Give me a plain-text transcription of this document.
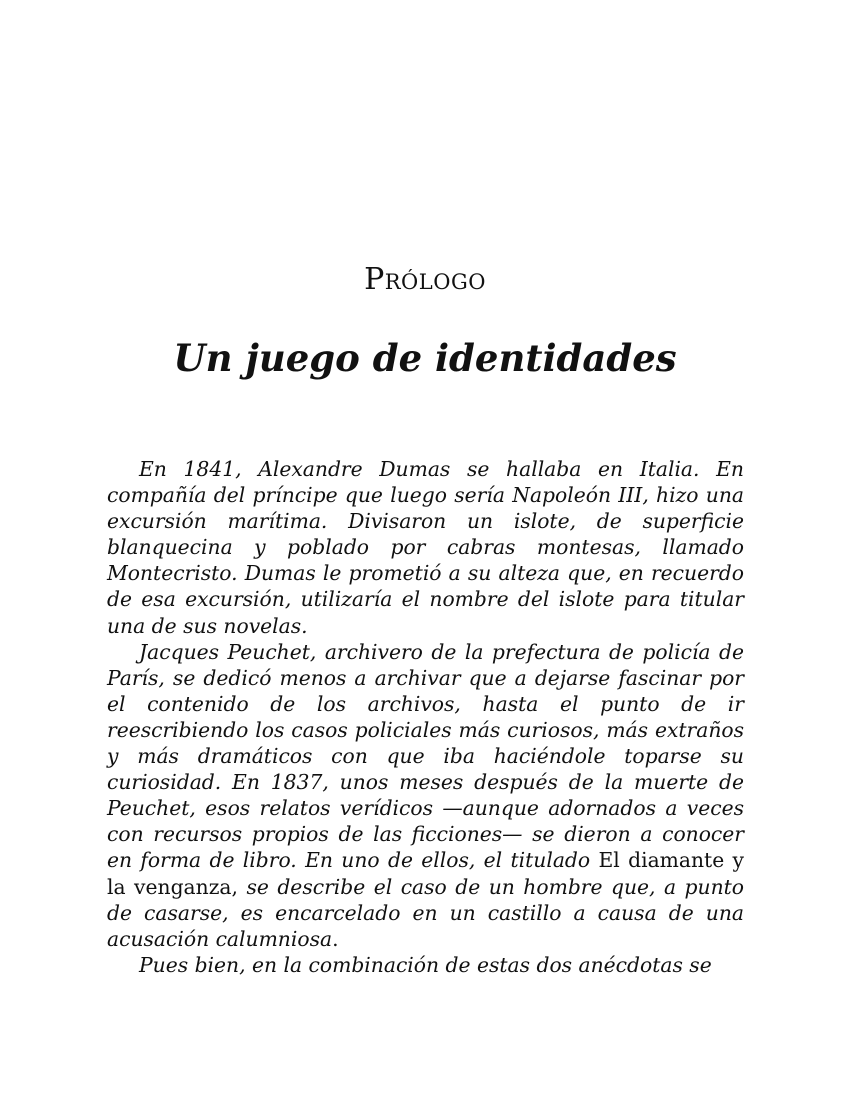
Prólogo
Un juego de identidades

En 1841, Alexandre Dumas se hallaba en Italia. En compañía del príncipe que luego sería Napoleón III, hizo una excursión marítima. Divisaron un islote, de superficie blanquecina y poblado por cabras montesas, llamado Montecristo. Dumas le prometió a su alteza que, en recuerdo de esa excursión, utilizaría el nombre del islote para titular una de sus novelas.

Jacques Peuchet, archivero de la prefectura de policía de París, se dedicó menos a archivar que a dejarse fascinar por el contenido de los archivos, hasta el punto de ir reescribiendo los casos policiales más curiosos, más extraños y más dramáticos con que iba haciéndole toparse su curiosidad. En 1837, unos meses después de la muerte de Peuchet, esos relatos verídicos —aunque adornados a veces con recursos propios de las ficciones— se dieron a conocer en forma de libro. En uno de ellos, el titulado El diamante y la venganza, se describe el caso de un hombre que, a punto de casarse, es encarcelado en un castillo a causa de una acusación calumniosa.

Pues bien, en la combinación de estas dos anécdotas se
